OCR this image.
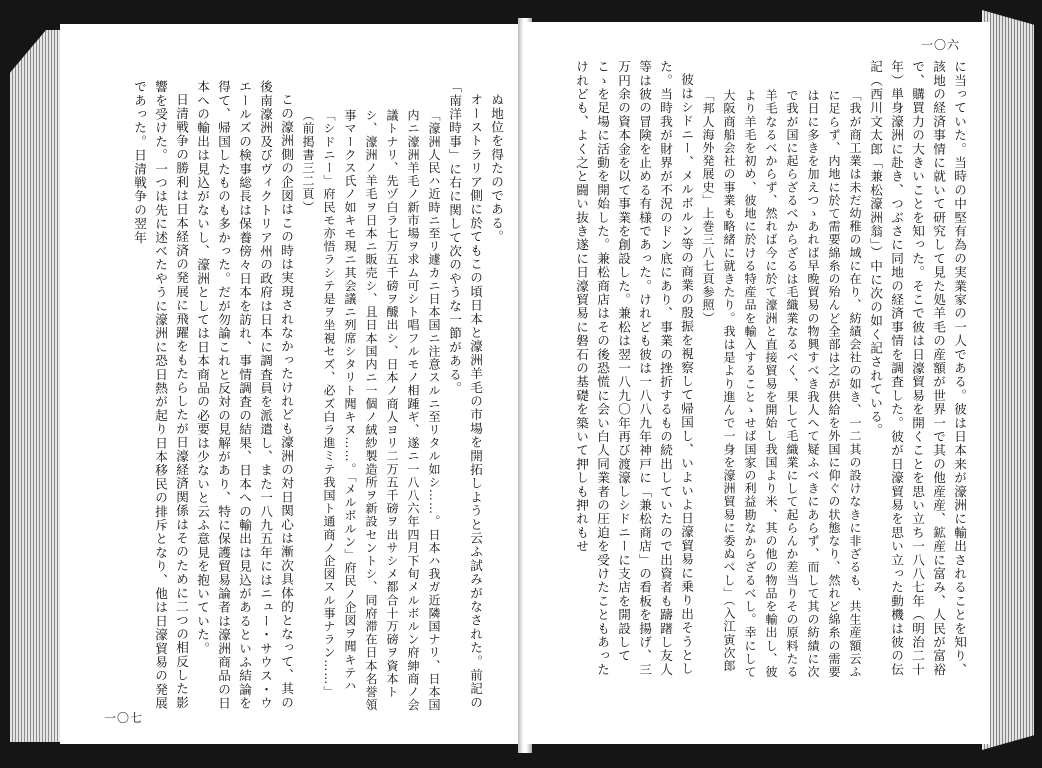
ぬ地位を得たのである。

オーストラリア側に於てもこの頃日本と濠洲羊毛の市場を開拓しようと云ふ試みがなされた。前記の「南洋時事」に右に関して次のやうな一節がある。

「濠洲人民ハ近時ニ至リ遽カニ日本国ニ注意スルニ至リタル如シ……。日本ハ我ガ近隣国ナリ、日本国内ニ濠洲羊毛ノ新市場ヲ求ム可シト唱フルモノ相踵ギ、遂ニ一八八六年四月下旬メルボルン府紳商ノ会議トナリ、先ヅ白ラ七万五千磅ヲ醵出シ、日本ノ商人ヨリ二万五千磅ヲ出サシメ都合十万磅ヲ資本トシ、濠洲ノ羊毛ヲ日本ニ販売シ、且日本国内ニ一個ノ絨紗製造所ヲ新設セントシ、同府滞在日本名誉領事マークス氏ノ如キモ現ニ其会議ニ列席シタリト聞キヌ……。「メルボルン」府民ノ企図ヲ聞キテハ「シドニー」府民モ亦悟ラシテ是ヲ坐視セズ、必ズ白ラ進ミテ我国ト通商ノ企図スル事ナラン……」（前掲書三二頁）

この濠洲側の企図はこの時は実現されなかったけれども濠洲の対日関心は漸次具体的となって、其の後南濠洲及びヴィクトリア州の政府は日本に調査員を派遣し、また一八九五年にはニュー・サウス・ウエールズの検事総長は保養傍々日本を訪れ、事情調査の結果、日本への輸出は見込があるといふ結論を得て、帰国したものも多かった。だが勿論これと反対の見解があり、特に保護貿易論者は濠洲商品の日本への輸出は見込がないし、濠洲としては日本商品の必要は少ないと云ふ意見を抱いていた。

日清戦争の勝利は日本経済の発展に飛躍をもたらしたが日濠経済関係はそのために二つの相反した影響を受けた。一つは先に述べたやうに濠洲に恐日熱が起り日本移民の排斥となり、他は日濠貿易の発展であった。日清戦争の翌年

一〇七

に当っていた。当時の中堅有為の実業家の一人である。彼は日本来が濠洲に輸出されることを知り、該地の経済事情に就いて研究して見た処羊毛の産額が世界一で其の他産産、鉱産に富み、人民が富裕で、購買力の大きいことを知った。そこで彼は日濠貿易を開くことを思い立ち一八八七年（明治二十年）単身濠洲に赴き、つぶさに同地の経済事情を調査した。彼が日濠貿易を思い立った動機は彼の伝記（西川文太郎「兼松濠洲翁」）中に次の如く記されている。

「我が商工業は未だ幼稚の域に在り、紡績会社の如き、一二其の設けなきに非ざるも、共生産額云ふに足らず、内地に於て需要綿糸の殆んど全部は之が供給を外国に仰ぐの状態なり、然れど綿糸の需要は日に多きを加えつゝあれば早晩貿易の物興すべき我人へて疑ふべきにあらず、而して其の紡績に次で我が国に起らざるべからざるは毛織業なるべく、果して毛織業にして起らんか差当りその原料たる羊毛なるべからず、然れば今に於て濠洲と直接貿易を開始し我国より米、其の他の物品を輸出し、彼より羊毛を初め、彼地に於ける特産品を輸入することゝせば国家の利益勘なからざるべし。幸にして大阪商船会社の事業も略緒に就きたり。我は是より進んで一身を濠洲貿易に委ぬべし」（入江寅次郎「邦人海外発展史」上巻三八七頁参照）

彼はシドニー、メルボルン等の商業の殷振を視察して帰国し、いよいよ日濠貿易に乗り出そうとした。当時我が財界が不況のドン底にあり、事業の挫折するもの続出していたので出資者も躊躇し友人等は彼の冒険を止める有様であった。けれども彼は一八八九年神戸に「兼松商店」の看板を揚げ、三万円余の資本金を以て事業を創設した。兼松は翌一八九〇年再び渡濠しシドニーに支店を開設してこゝを足場に活動を開始した。兼松商店はその後恐慌に会い白人同業者の圧迫を受けたこともあったけれども、よく之と闘い抜き遂に日濠貿易に磐石の基礎を築いて押しも押れもせ

一〇六
